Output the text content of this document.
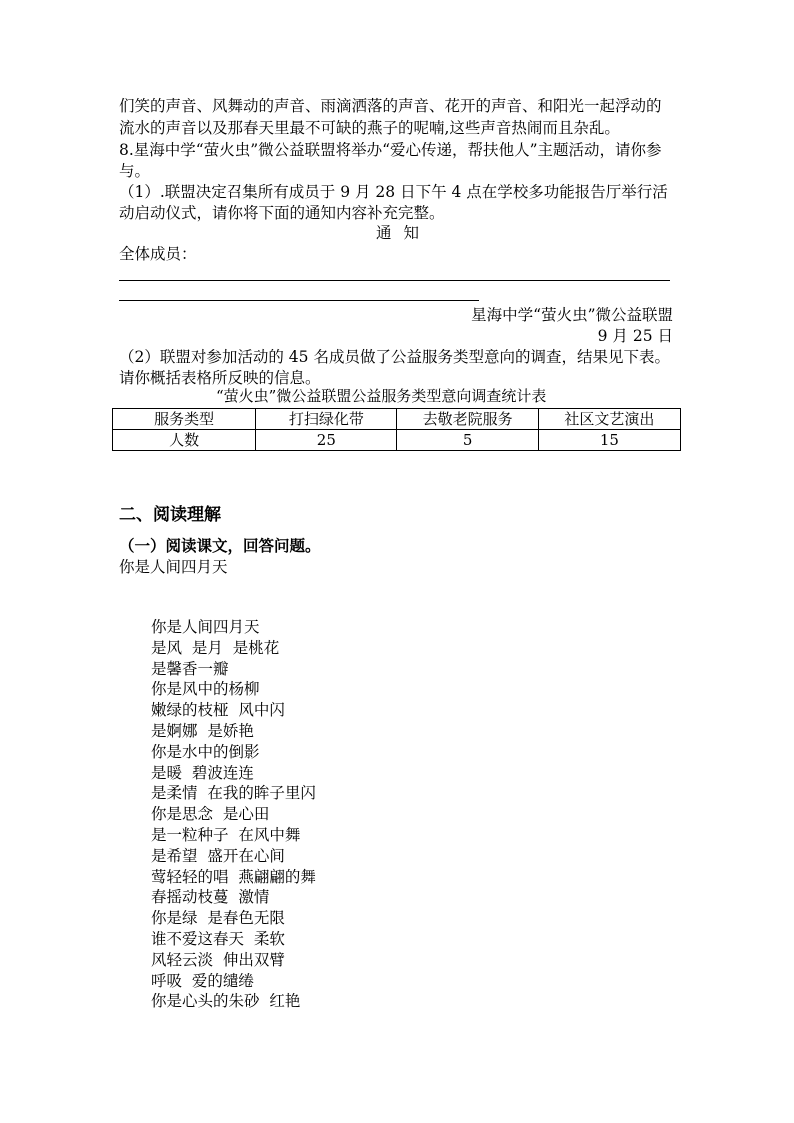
们笑的声音、风舞动的声音、雨滴洒落的声音、花开的声音、和阳光一起浮动的
流水的声音以及那春天里最不可缺的燕子的呢喃,这些声音热闹而且杂乱。
8.星海中学“萤火虫”微公益联盟将举办“爱心传递，帮扶他人”主题活动，请你参
与。
（1）.联盟决定召集所有成员于 9 月 28 日下午 4 点在学校多功能报告厅举行活
动启动仪式，请你将下面的通知内容补充完整。
通知
全体成员：
星海中学“萤火虫”微公益联盟
9 月 25 日
（2）联盟对参加活动的 45 名成员做了公益服务类型意向的调查，结果见下表。
请你概括表格所反映的信息。
“萤火虫”微公益联盟公益服务类型意向调查统计表
服务类型	打扫绿化带	去敬老院服务	社区文艺演出
人数	25	5	15
二、阅读理解
（一）阅读课文，回答问题。
你是人间四月天
你是人间四月天
是风  是月  是桃花
是馨香一瓣
你是风中的杨柳
嫩绿的枝桠  风中闪
是婀娜  是娇艳
你是水中的倒影
是暖  碧波连连
是柔情  在我的眸子里闪
你是思念  是心田
是一粒种子  在风中舞
是希望  盛开在心间
莺轻轻的唱  燕翩翩的舞
春摇动枝蔓  激情
你是绿  是春色无限
谁不爱这春天  柔软
风轻云淡  伸出双臂
呼吸  爱的缱绻
你是心头的朱砂  红艳
